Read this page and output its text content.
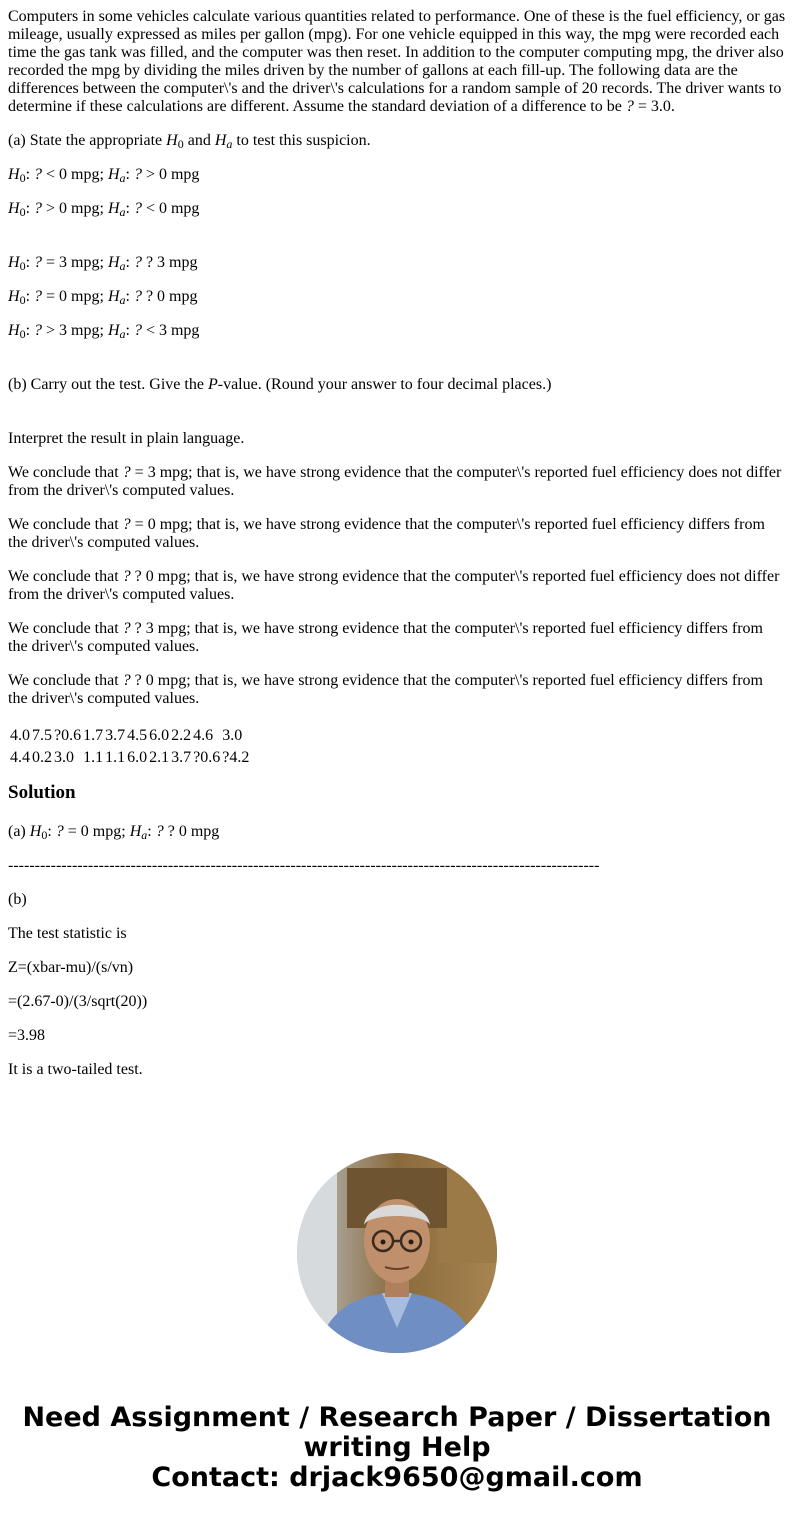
Computers in some vehicles calculate various quantities related to performance. One of these is the fuel efficiency, or gas mileage, usually expressed as miles per gallon (mpg). For one vehicle equipped in this way, the mpg were recorded each time the gas tank was filled, and the computer was then reset. In addition to the computer computing mpg, the driver also recorded the mpg by dividing the miles driven by the number of gallons at each fill-up. The following data are the differences between the computer\'s and the driver\'s calculations for a random sample of 20 records. The driver wants to determine if these calculations are different. Assume the standard deviation of a difference to be ? = 3.0.

(a) State the appropriate $H_0$ and $H_a$ to test this suspicion.

$H_0$: ? < 0 mpg; $H_a$: ? > 0 mpg

$H_0$: ? > 0 mpg; $H_a$: ? < 0 mpg

$H_0$: ? = 3 mpg; $H_a$: ? ? 3 mpg

$H_0$: ? = 0 mpg; $H_a$: ? ? 0 mpg

$H_0$: ? > 3 mpg; $H_a$: ? < 3 mpg

(b) Carry out the test. Give the P-value. (Round your answer to four decimal places.)

Interpret the result in plain language.

We conclude that ? = 3 mpg; that is, we have strong evidence that the computer\'s reported fuel efficiency does not differ from the driver\'s computed values.

We conclude that ? = 0 mpg; that is, we have strong evidence that the computer\'s reported fuel efficiency differs from the driver\'s computed values.

We conclude that ? ? 0 mpg; that is, we have strong evidence that the computer\'s reported fuel efficiency does not differ from the driver\'s computed values.

We conclude that ? ? 3 mpg; that is, we have strong evidence that the computer\'s reported fuel efficiency differs from the driver\'s computed values.

We conclude that ? ? 0 mpg; that is, we have strong evidence that the computer\'s reported fuel efficiency differs from the driver\'s computed values.

4.0	7.5	?0.6	1.7	3.7	4.5	6.0	2.2	4.6	3.0
4.4	0.2	3.0	1.1	1.1	6.0	2.1	3.7	?0.6	?4.2
Solution

(a) $H_0$: ? = 0 mpg; $H_a$: ? ? 0 mpg

---------------------------------------------------------------------------------------------------------------

(b)

The test statistic is

Z=(xbar-mu)/(s/vn)

=(2.67-0)/(3/sqrt(20))

=3.98

It is a two-tailed test.

Need Assignment / Research Paper / Dissertation
writing Help
Contact: drjack9650@gmail.com
